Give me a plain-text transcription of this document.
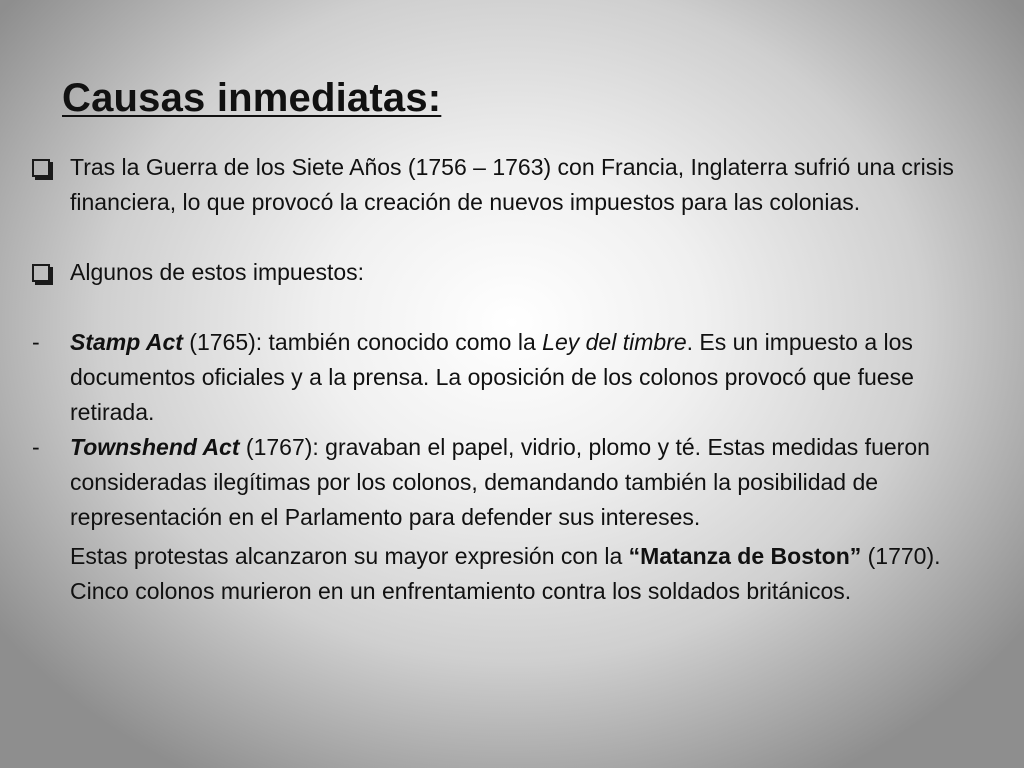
Causas inmediatas:
Tras la Guerra de los Siete Años (1756 – 1763) con Francia, Inglaterra sufrió una crisis financiera, lo que provocó la creación de nuevos impuestos para las colonias.
Algunos de estos impuestos:
-	Stamp Act (1765): también conocido como la Ley del timbre. Es un impuesto a los documentos oficiales y a la prensa. La oposición de los colonos provocó que fuese retirada.
-	Townshend Act (1767): gravaban el papel, vidrio, plomo y té. Estas medidas fueron consideradas ilegítimas por los colonos, demandando también la posibilidad de representación en el Parlamento para defender sus intereses.
Estas protestas alcanzaron su mayor expresión con la “Matanza de Boston” (1770). Cinco colonos murieron en un enfrentamiento contra los soldados británicos.
